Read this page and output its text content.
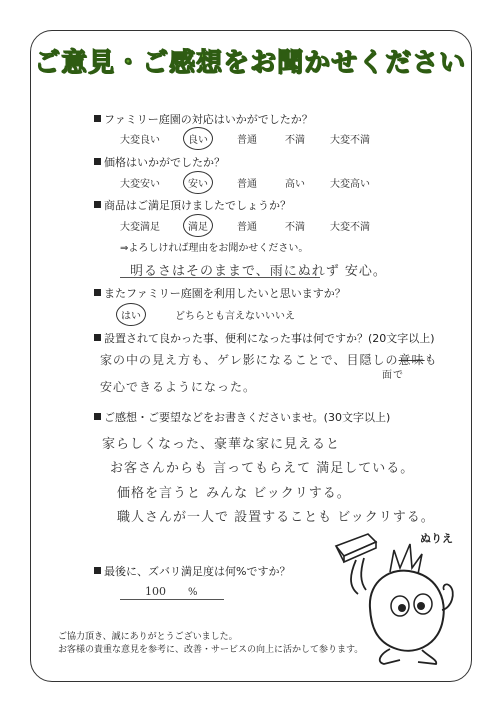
ご意見・ご感想をお聞かせください
ファミリー庭園の対応はいかがでしたか？
大変良い	良い	普通	不満	大変不満
価格はいかがでしたか？
大変安い	安い	普通	高い	大変高い
商品はご満足頂けましたでしょうか？
大変満足	満足	普通	不満	大変不満
⇒よろしければ理由をお聞かせください。
明るさはそのままで、雨にぬれず 安心。
またファミリー庭園を利用したいと思いますか？
はい	どちらとも言えない いいえ
設置されて良かった事、便利になった事は何ですか？(20文字以上)
家の中の見え方も、ゲレ影になることで、目隠しの意味も
面で
安心できるようになった。
ご感想・ご要望などをお書きくださいませ。(30文字以上)
家らしくなった、豪華な家に見えると
お客さんからも 言ってもらえて 満足している。
価格を言うと みんな ビックリする。
職人さんが一人で 設置することも ビックリする。
最後に、ズバリ満足度は何%ですか？
100 %
ぬりえ
ご協力頂き、誠にありがとうございました。
お客様の貴重な意見を参考に、改善・サービスの向上に活かして参ります。
